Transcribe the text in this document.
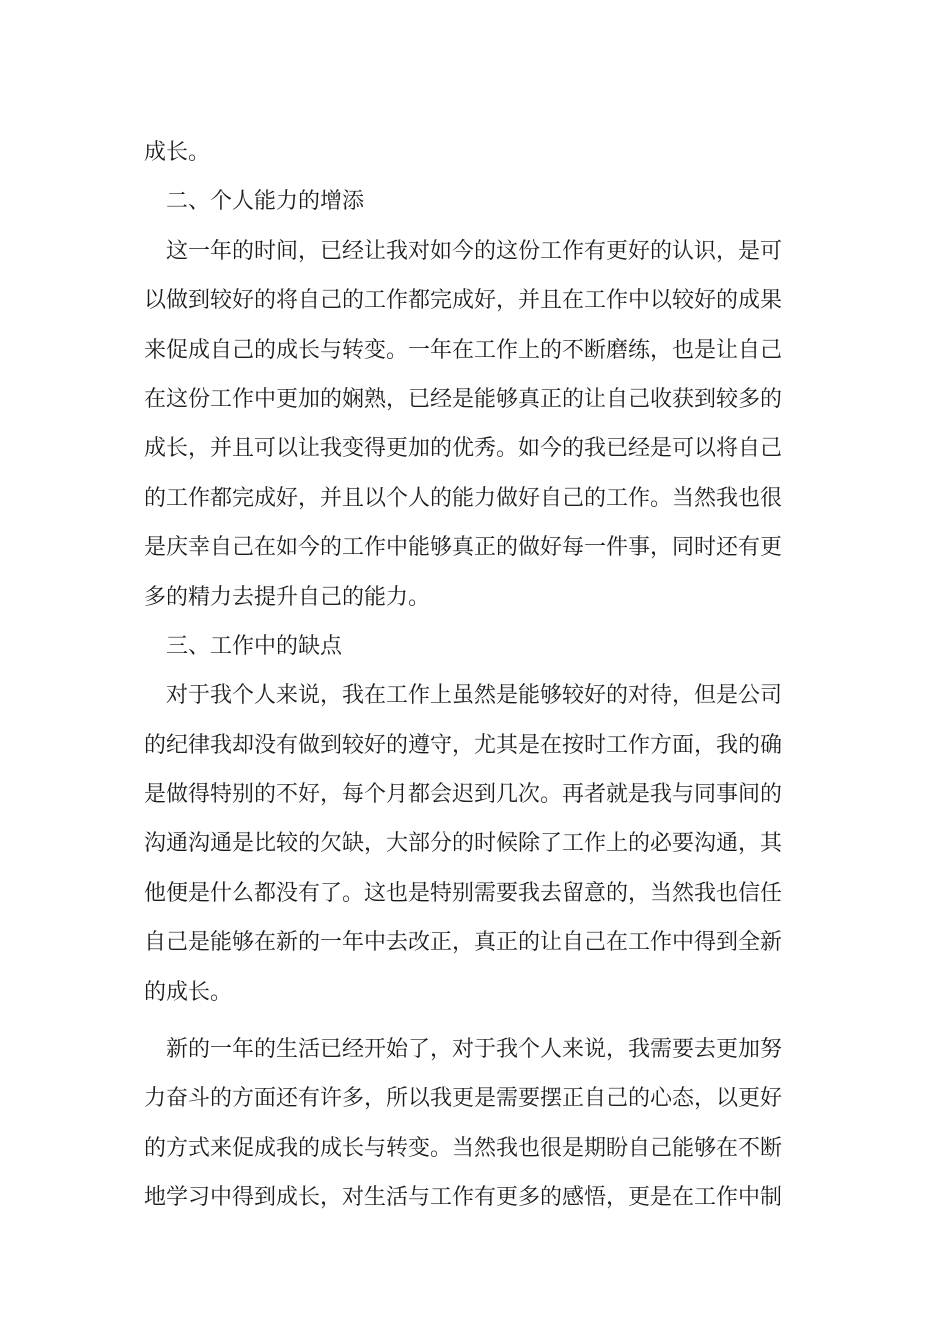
成长。
二、个人能力的增添
这一年的时间，已经让我对如今的这份工作有更好的认识，是可
以做到较好的将自己的工作都完成好，并且在工作中以较好的成果
来促成自己的成长与转变。一年在工作上的不断磨练，也是让自己
在这份工作中更加的娴熟，已经是能够真正的让自己收获到较多的
成长，并且可以让我变得更加的优秀。如今的我已经是可以将自己
的工作都完成好，并且以个人的能力做好自己的工作。当然我也很
是庆幸自己在如今的工作中能够真正的做好每一件事，同时还有更
多的精力去提升自己的能力。
三、工作中的缺点
对于我个人来说，我在工作上虽然是能够较好的对待，但是公司
的纪律我却没有做到较好的遵守，尤其是在按时工作方面，我的确
是做得特别的不好，每个月都会迟到几次。再者就是我与同事间的
沟通沟通是比较的欠缺，大部分的时候除了工作上的必要沟通，其
他便是什么都没有了。这也是特别需要我去留意的，当然我也信任
自己是能够在新的一年中去改正，真正的让自己在工作中得到全新
的成长。
新的一年的生活已经开始了，对于我个人来说，我需要去更加努
力奋斗的方面还有许多，所以我更是需要摆正自己的心态，以更好
的方式来促成我的成长与转变。当然我也很是期盼自己能够在不断
地学习中得到成长，对生活与工作有更多的感悟，更是在工作中制
